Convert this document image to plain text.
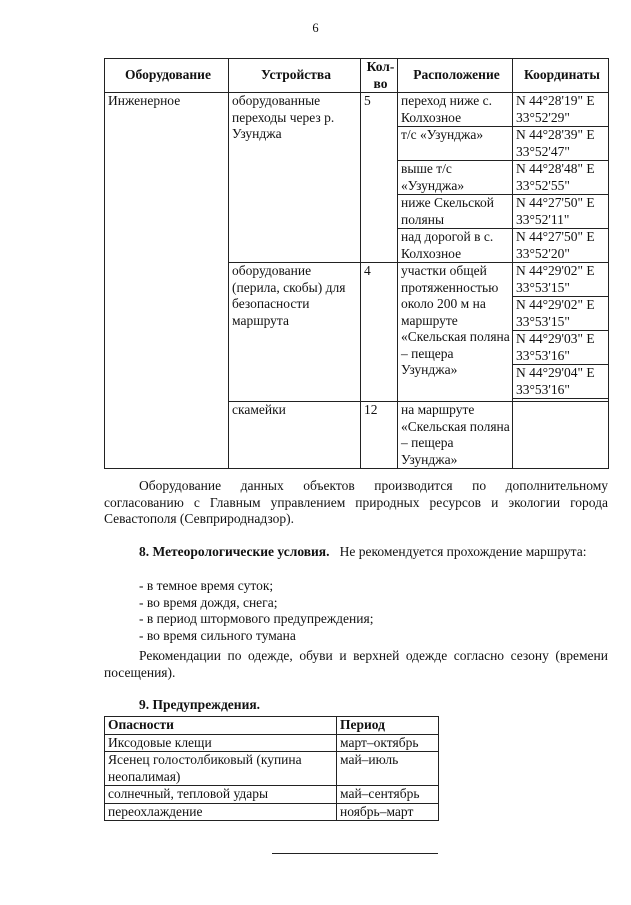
6
Оборудование	Устройства	Кол-во	Расположение	Координаты
Инженерное	оборудованные переходы через р. Узунджа	5	переход ниже с. Колхозное	N 44°28'19" E 33°52'29"
			т/с «Узунджа»	N 44°28'39" E 33°52'47"
			выше т/с «Узунджа»	N 44°28'48" E 33°52'55"
			ниже Скельской поляны	N 44°27'50" E 33°52'11"
			над дорогой в с. Колхозное	N 44°27'50" E 33°52'20"
	оборудование (перила, скобы) для безопасности маршрута	4	участки общей протяженностью около 200 м на маршруте «Скельская поляна – пещера Узунджа»	N 44°29'02" E 33°53'15"
				N 44°29'02" E 33°53'15"
				N 44°29'03" E 33°53'16"
				N 44°29'04" E 33°53'16"

	скамейки	12	на маршруте «Скельская поляна – пещера Узунджа»	
Оборудование данных объектов производится по дополнительному согласованию с Главным управлением природных ресурсов и экологии города Севастополя (Севприроднадзор).
8. Метеорологические условия. Не рекомендуется прохождение маршрута:
- в темное время суток;
- во время дождя, снега;
- в период штормового предупреждения;
- во время сильного тумана
Рекомендации по одежде, обуви и верхней одежде согласно сезону (времени посещения).
9. Предупреждения.
Опасности	Период
Иксодовые клещи	март–октябрь
Ясенец голостолбиковый (купина неопалимая)	май–июль
солнечный, тепловой удары	май–сентябрь
переохлаждение	ноябрь–март
